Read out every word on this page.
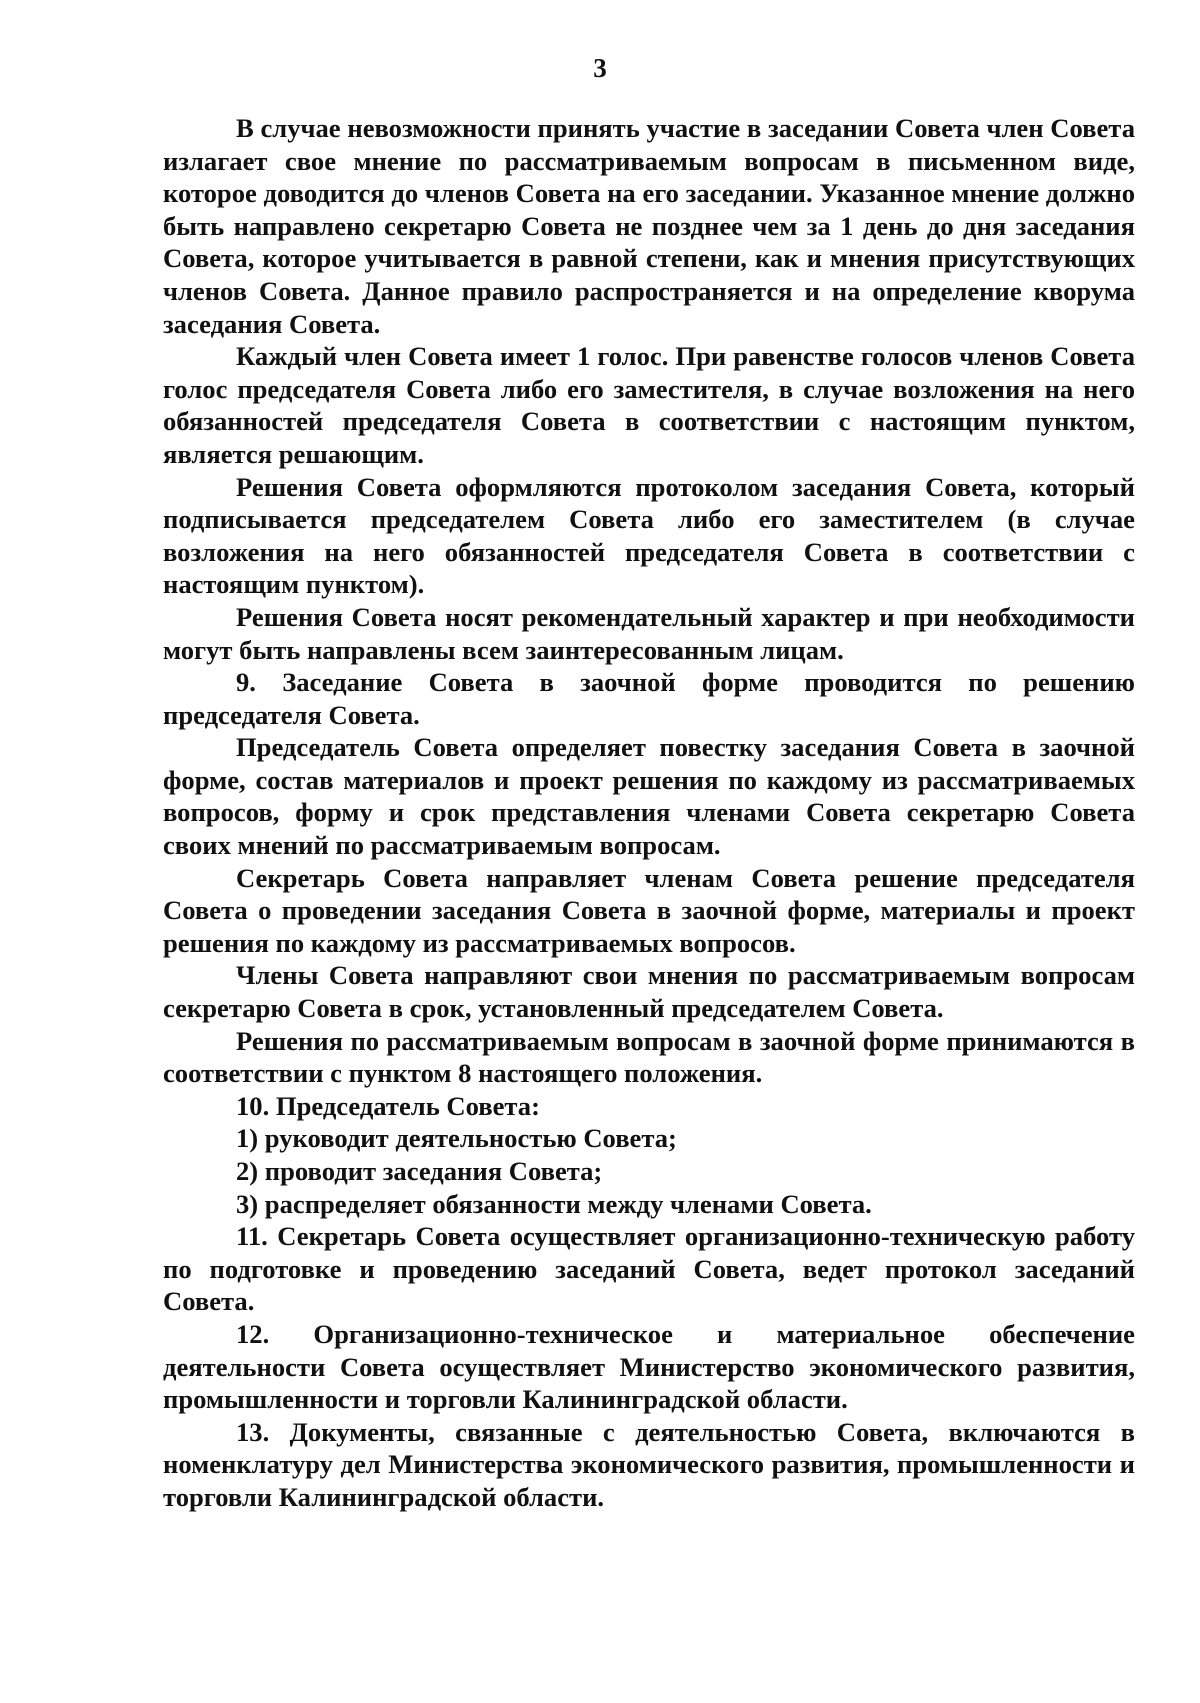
3

В случае невозможности принять участие в заседании Совета член Совета излагает свое мнение по рассматриваемым вопросам в письменном виде, которое доводится до членов Совета на его заседании. Указанное мнение должно быть направлено секретарю Совета не позднее чем за 1 день до дня заседания Совета, которое учитывается в равной степени, как и мнения присутствующих членов Совета. Данное правило распространяется и на определение кворума заседания Совета.

Каждый член Совета имеет 1 голос. При равенстве голосов членов Совета голос председателя Совета либо его заместителя, в случае возложения на него обязанностей председателя Совета в соответствии с настоящим пунктом, является решающим.

Решения Совета оформляются протоколом заседания Совета, который подписывается председателем Совета либо его заместителем (в случае возложения на него обязанностей председателя Совета в соответствии с настоящим пунктом).

Решения Совета носят рекомендательный характер и при необходимости могут быть направлены всем заинтересованным лицам.

9. Заседание Совета в заочной форме проводится по решению председателя Совета.

Председатель Совета определяет повестку заседания Совета в заочной форме, состав материалов и проект решения по каждому из рассматриваемых вопросов, форму и срок представления членами Совета секретарю Совета своих мнений по рассматриваемым вопросам.

Секретарь Совета направляет членам Совета решение председателя Совета о проведении заседания Совета в заочной форме, материалы и проект решения по каждому из рассматриваемых вопросов.

Члены Совета направляют свои мнения по рассматриваемым вопросам секретарю Совета в срок, установленный председателем Совета.

Решения по рассматриваемым вопросам в заочной форме принимаются в соответствии с пунктом 8 настоящего положения.

10. Председатель Совета:

1) руководит деятельностью Совета;

2) проводит заседания Совета;

3) распределяет обязанности между членами Совета.

11. Секретарь Совета осуществляет организационно-техническую работу по подготовке и проведению заседаний Совета, ведет протокол заседаний Совета.

12. Организационно-техническое и материальное обеспечение деятельности Совета осуществляет Министерство экономического развития, промышленности и торговли Калининградской области.

13. Документы, связанные с деятельностью Совета, включаются в номенклатуру дел Министерства экономического развития, промышленности и торговли Калининградской области.
